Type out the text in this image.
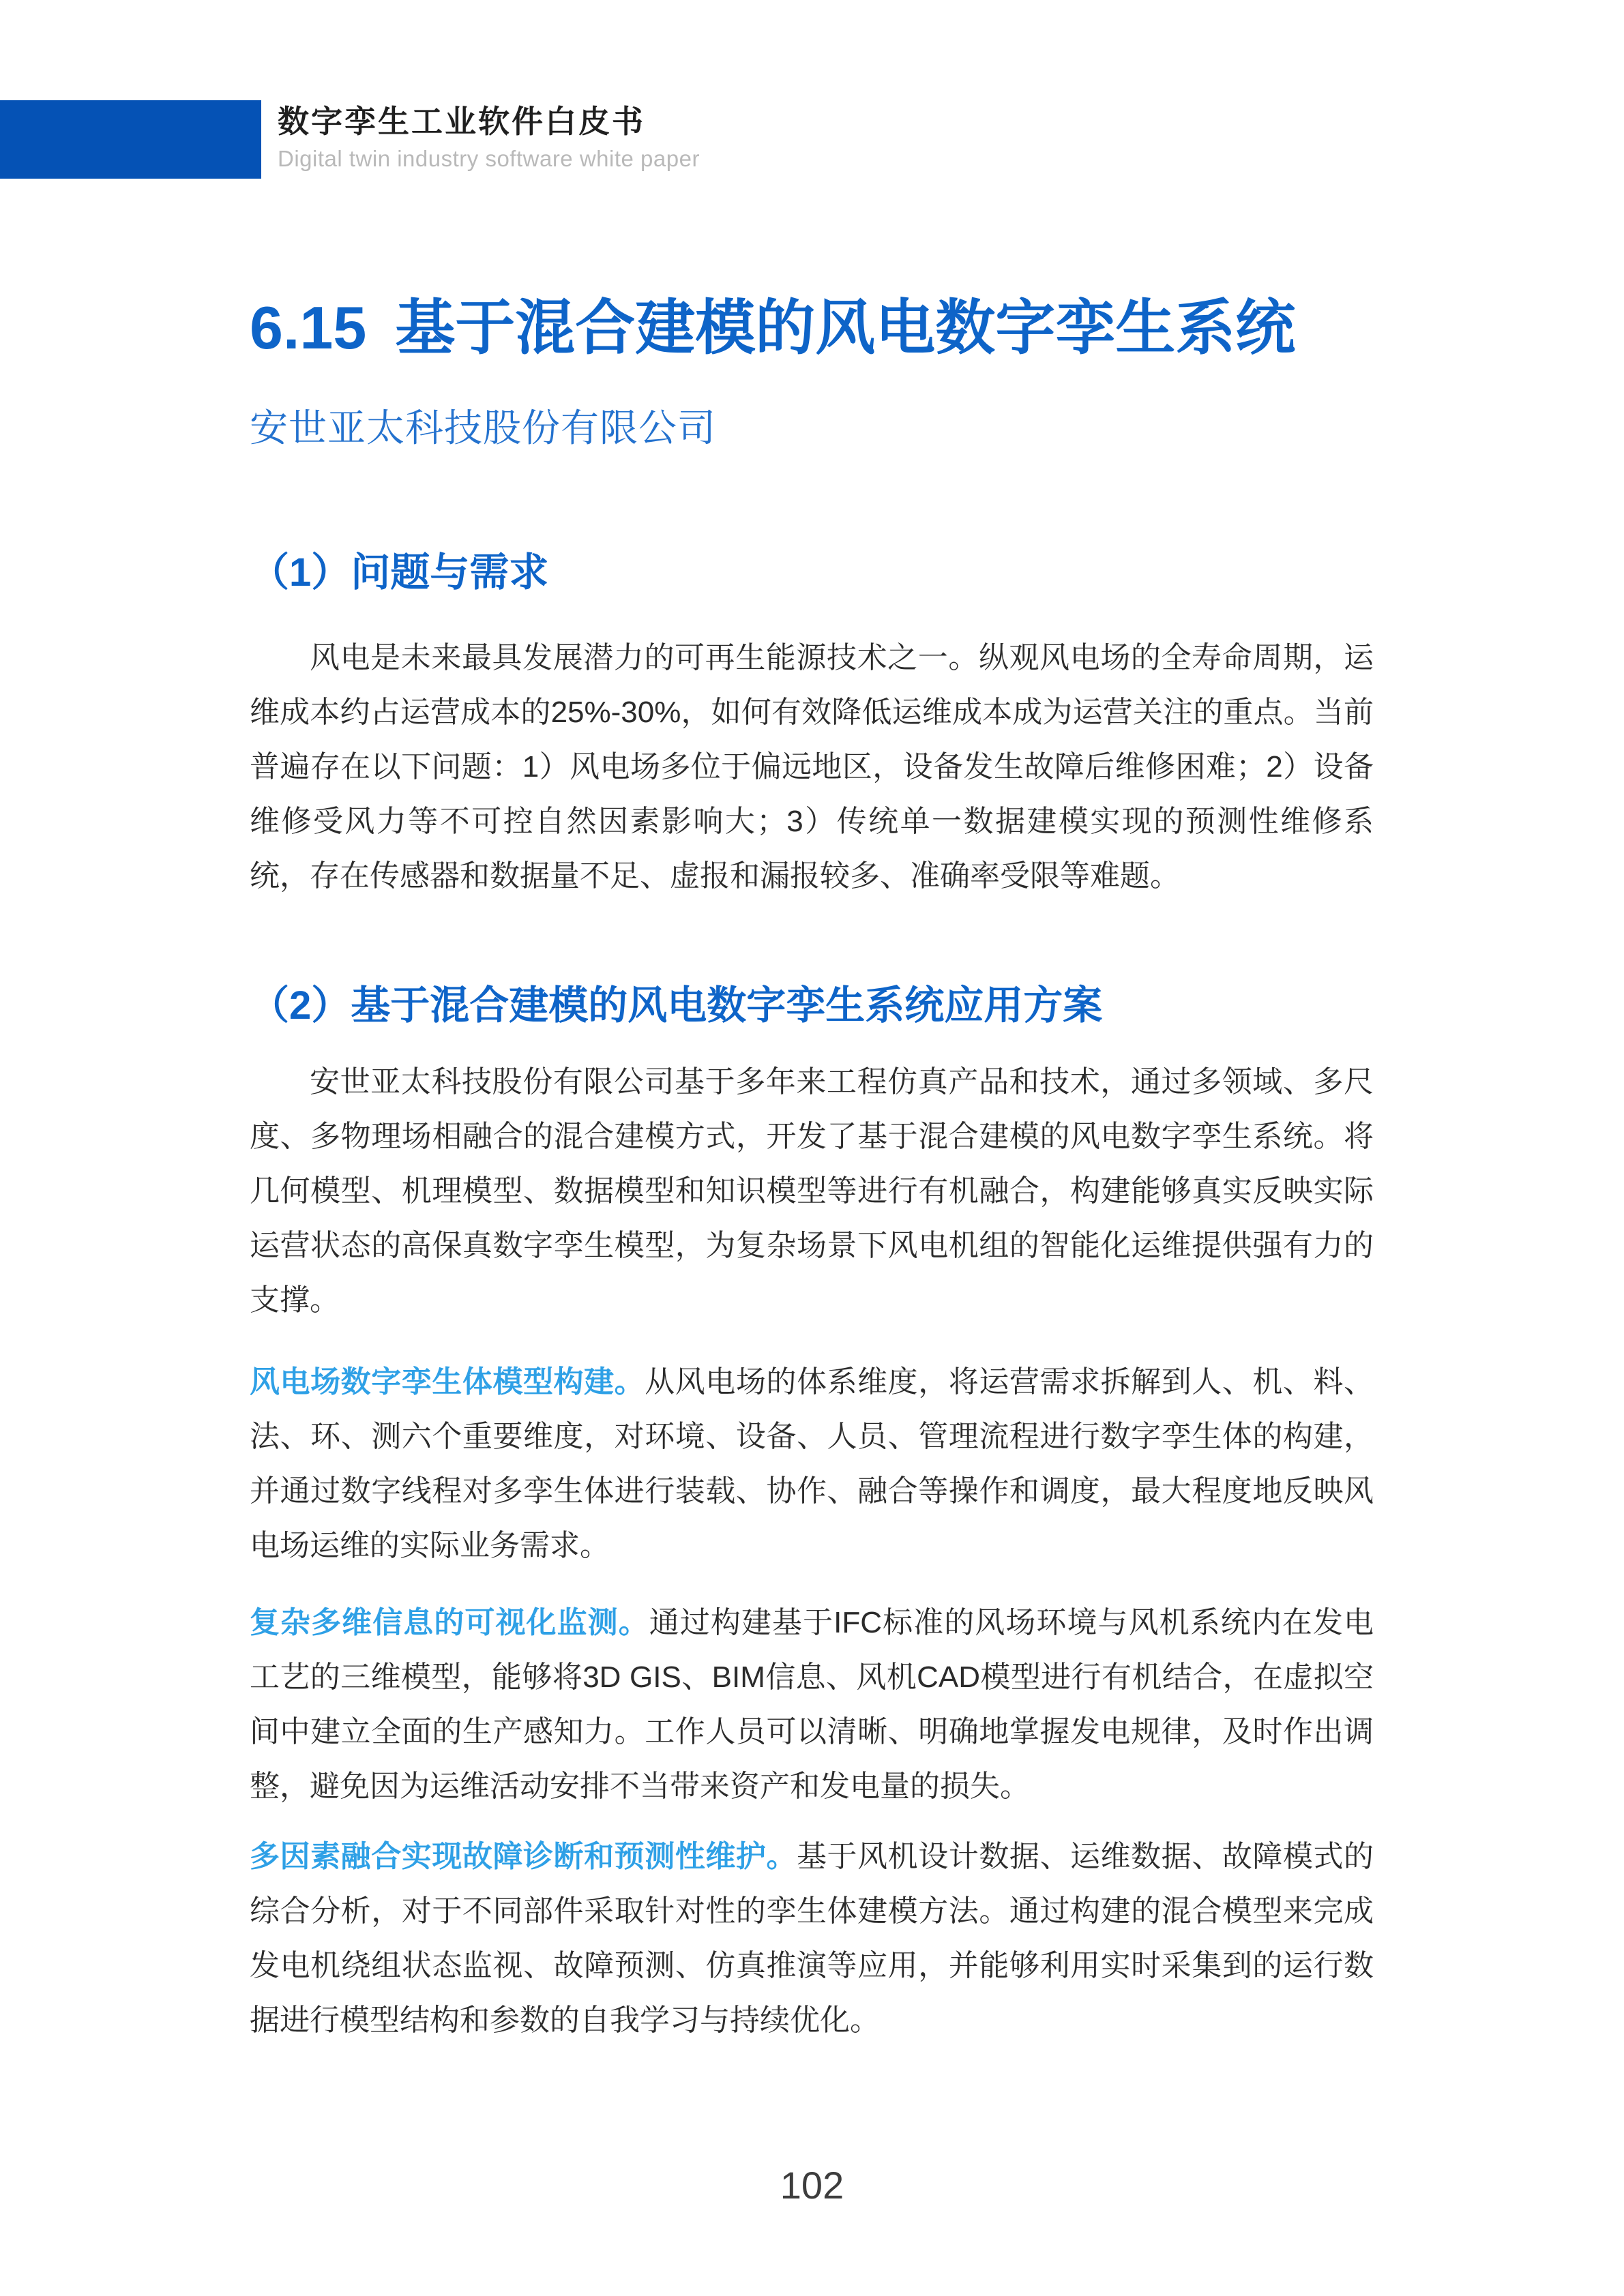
数字孪生工业软件白皮书
Digital twin industry software white paper
6.15 基于混合建模的风电数字孪生系统
安世亚太科技股份有限公司
（1）问题与需求
风电是未来最具发展潜力的可再生能源技术之一。纵观风电场的全寿命周期，运维成本约占运营成本的25%-30%，如何有效降低运维成本成为运营关注的重点。当前普遍存在以下问题：1）风电场多位于偏远地区，设备发生故障后维修困难；2）设备维修受风力等不可控自然因素影响大；3）传统单一数据建模实现的预测性维修系统，存在传感器和数据量不足、虚报和漏报较多、准确率受限等难题。
（2）基于混合建模的风电数字孪生系统应用方案
安世亚太科技股份有限公司基于多年来工程仿真产品和技术，通过多领域、多尺度、多物理场相融合的混合建模方式，开发了基于混合建模的风电数字孪生系统。将几何模型、机理模型、数据模型和知识模型等进行有机融合，构建能够真实反映实际运营状态的高保真数字孪生模型，为复杂场景下风电机组的智能化运维提供强有力的支撑。
风电场数字孪生体模型构建。从风电场的体系维度，将运营需求拆解到人、机、料、法、环、测六个重要维度，对环境、设备、人员、管理流程进行数字孪生体的构建，并通过数字线程对多孪生体进行装载、协作、融合等操作和调度，最大程度地反映风电场运维的实际业务需求。
复杂多维信息的可视化监测。通过构建基于IFC标准的风场环境与风机系统内在发电工艺的三维模型，能够将3D GIS、BIM信息、风机CAD模型进行有机结合，在虚拟空间中建立全面的生产感知力。工作人员可以清晰、明确地掌握发电规律，及时作出调整，避免因为运维活动安排不当带来资产和发电量的损失。
多因素融合实现故障诊断和预测性维护。基于风机设计数据、运维数据、故障模式的综合分析，对于不同部件采取针对性的孪生体建模方法。通过构建的混合模型来完成发电机绕组状态监视、故障预测、仿真推演等应用，并能够利用实时采集到的运行数据进行模型结构和参数的自我学习与持续优化。
102
